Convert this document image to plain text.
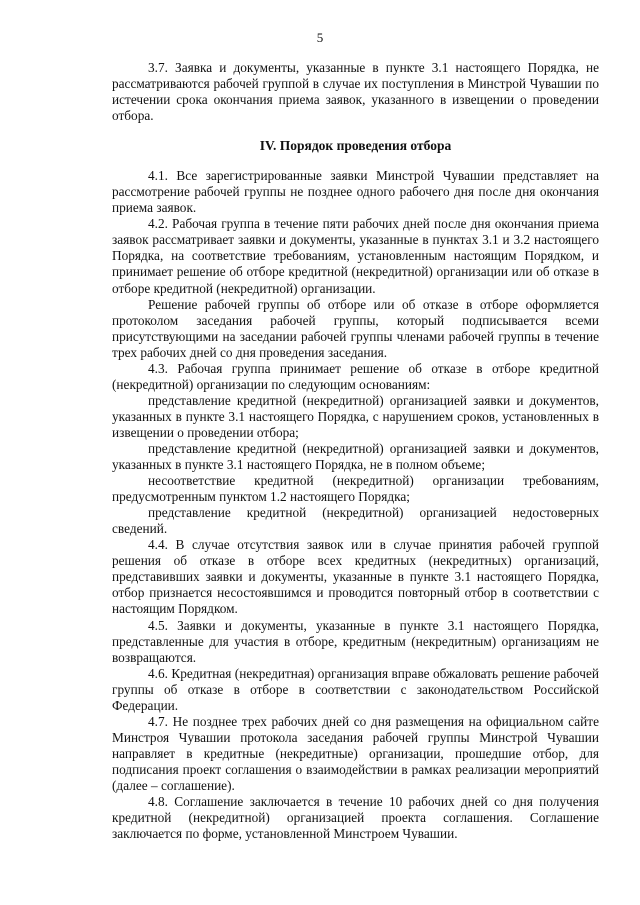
5

3.7. Заявка и документы, указанные в пункте 3.1 настоящего Порядка, не рассматриваются рабочей группой в случае их поступления в Минстрой Чувашии по истечении срока окончания приема заявок, указанного в извещении о проведении отбора.

IV. Порядок проведения отбора

4.1. Все зарегистрированные заявки Минстрой Чувашии представляет на рассмотрение рабочей группы не позднее одного рабочего дня после дня окончания приема заявок.

4.2. Рабочая группа в течение пяти рабочих дней после дня окончания приема заявок рассматривает заявки и документы, указанные в пунктах 3.1 и 3.2 настоящего Порядка, на соответствие требованиям, установленным настоящим Порядком, и принимает решение об отборе кредитной (некредитной) организации или об отказе в отборе кредитной (некредитной) организации.

Решение рабочей группы об отборе или об отказе в отборе оформляется протоколом заседания рабочей группы, который подписывается всеми присутствующими на заседании рабочей группы членами рабочей группы в течение трех рабочих дней со дня проведения заседания.

4.3. Рабочая группа принимает решение об отказе в отборе кредитной (некредитной) организации по следующим основаниям:

представление кредитной (некредитной) организацией заявки и документов, указанных в пункте 3.1 настоящего Порядка, с нарушением сроков, установленных в извещении о проведении отбора;

представление кредитной (некредитной) организацией заявки и документов, указанных в пункте 3.1 настоящего Порядка, не в полном объеме;

несоответствие кредитной (некредитной) организации требованиям, предусмотренным пунктом 1.2 настоящего Порядка;

представление кредитной (некредитной) организацией недостоверных сведений.

4.4. В случае отсутствия заявок или в случае принятия рабочей группой решения об отказе в отборе всех кредитных (некредитных) организаций, представивших заявки и документы, указанные в пункте 3.1 настоящего Порядка, отбор признается несостоявшимся и проводится повторный отбор в соответствии с настоящим Порядком.

4.5. Заявки и документы, указанные в пункте 3.1 настоящего Порядка, представленные для участия в отборе, кредитным (некредитным) организациям не возвращаются.

4.6. Кредитная (некредитная) организация вправе обжаловать решение рабочей группы об отказе в отборе в соответствии с законодательством Российской Федерации.

4.7. Не позднее трех рабочих дней со дня размещения на официальном сайте Минстроя Чувашии протокола заседания рабочей группы Минстрой Чувашии направляет в кредитные (некредитные) организации, прошедшие отбор, для подписания проект соглашения о взаимодействии в рамках реализации мероприятий (далее – соглашение).

4.8. Соглашение заключается в течение 10 рабочих дней со дня получения кредитной (некредитной) организацией проекта соглашения. Соглашение заключается по форме, установленной Минстроем Чувашии.
